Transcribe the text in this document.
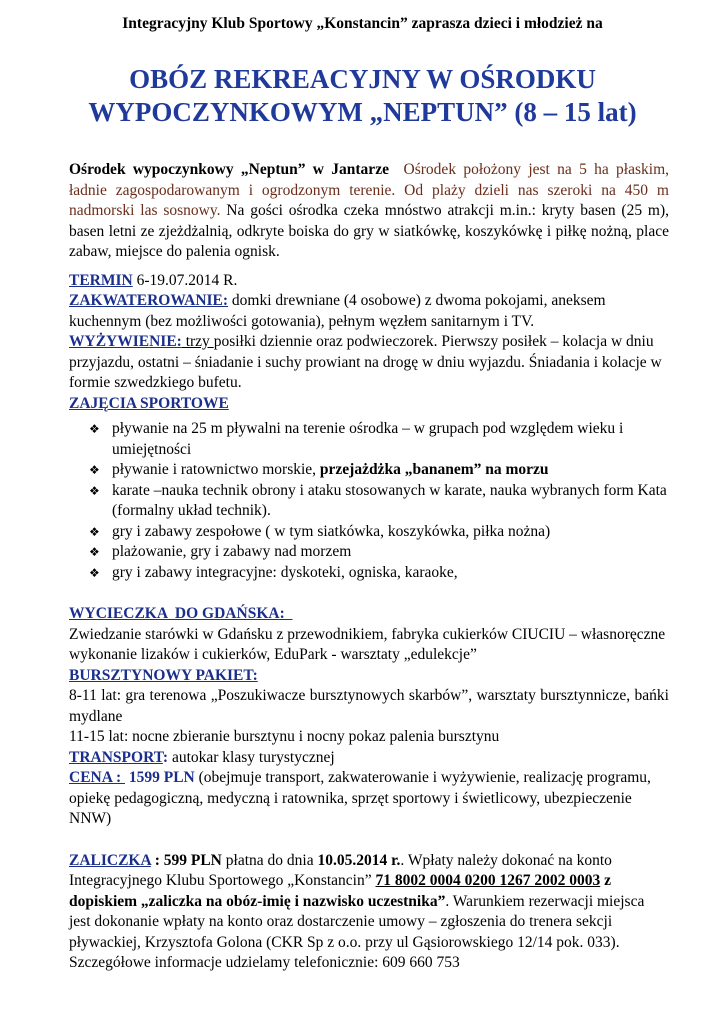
Integracyjny Klub Sportowy „Konstancin” zaprasza dzieci i młodzież na
OBÓZ REKREACYJNY W OŚRODKU
WYPOCZYNKOWYM „NEPTUN” (8 – 15 lat)

Ośrodek wypoczynkowy „Neptun” w Jantarze Ośrodek położony jest na 5 ha płaskim, ładnie zagospodarowanym i ogrodzonym terenie. Od plaży dzieli nas szeroki na 450 m nadmorski las sosnowy. Na gości ośrodka czeka mnóstwo atrakcji m.in.: kryty basen (25 m), basen letni ze zjeżdżalnią, odkryte boiska do gry w siatkówkę, koszykówkę i piłkę nożną, place zabaw, miejsce do palenia ognisk.

TERMIN 6-19.07.2014 R.

ZAKWATEROWANIE: domki drewniane (4 osobowe) z dwoma pokojami, aneksem kuchennym (bez możliwości gotowania), pełnym węzłem sanitarnym i TV.

WYŻYWIENIE: trzy posiłki dziennie oraz podwieczorek. Pierwszy posiłek – kolacja w dniu przyjazdu, ostatni – śniadanie i suchy prowiant na drogę w dniu wyjazdu. Śniadania i kolacje w formie szwedzkiego bufetu.

ZAJĘCIA SPORTOWE

❖ pływanie na 25 m pływalni na terenie ośrodka – w grupach pod względem wieku i umiejętności
❖ pływanie i ratownictwo morskie, przejażdżka „bananem” na morzu
❖ karate –nauka technik obrony i ataku stosowanych w karate, nauka wybranych form Kata (formalny układ technik).
❖ gry i zabawy zespołowe ( w tym siatkówka, koszykówka, piłka nożna)
❖ plażowanie, gry i zabawy nad morzem
❖ gry i zabawy integracyjne: dyskoteki, ogniska, karaoke,

WYCIECZKA  DO GDAŃSKA:

Zwiedzanie starówki w Gdańsku z przewodnikiem, fabryka cukierków CIUCIU – własnoręczne wykonanie lizaków i cukierków, EduPark - warsztaty „edulekcje”

BURSZTYNOWY PAKIET:

8-11 lat: gra terenowa „Poszukiwacze bursztynowych skarbów”, warsztaty bursztynnicze, bańki mydlane

11-15 lat: nocne zbieranie bursztynu i nocny pokaz palenia bursztynu

TRANSPORT: autokar klasy turystycznej

CENA :  1599 PLN (obejmuje transport, zakwaterowanie i wyżywienie, realizację programu, opiekę pedagogiczną, medyczną i ratownika, sprzęt sportowy i świetlicowy, ubezpieczenie NNW)

ZALICZKA : 599 PLN płatna do dnia 10.05.2014 r.. Wpłaty należy dokonać na konto Integracyjnego Klubu Sportowego „Konstancin” 71 8002 0004 0200 1267 2002 0003 z dopiskiem „zaliczka na obóz-imię i nazwisko uczestnika”. Warunkiem rezerwacji miejsca jest dokonanie wpłaty na konto oraz dostarczenie umowy – zgłoszenia do trenera sekcji pływackiej, Krzysztofa Golona (CKR Sp z o.o. przy ul Gąsiorowskiego 12/14 pok. 033). Szczegółowe informacje udzielamy telefonicznie: 609 660 753
